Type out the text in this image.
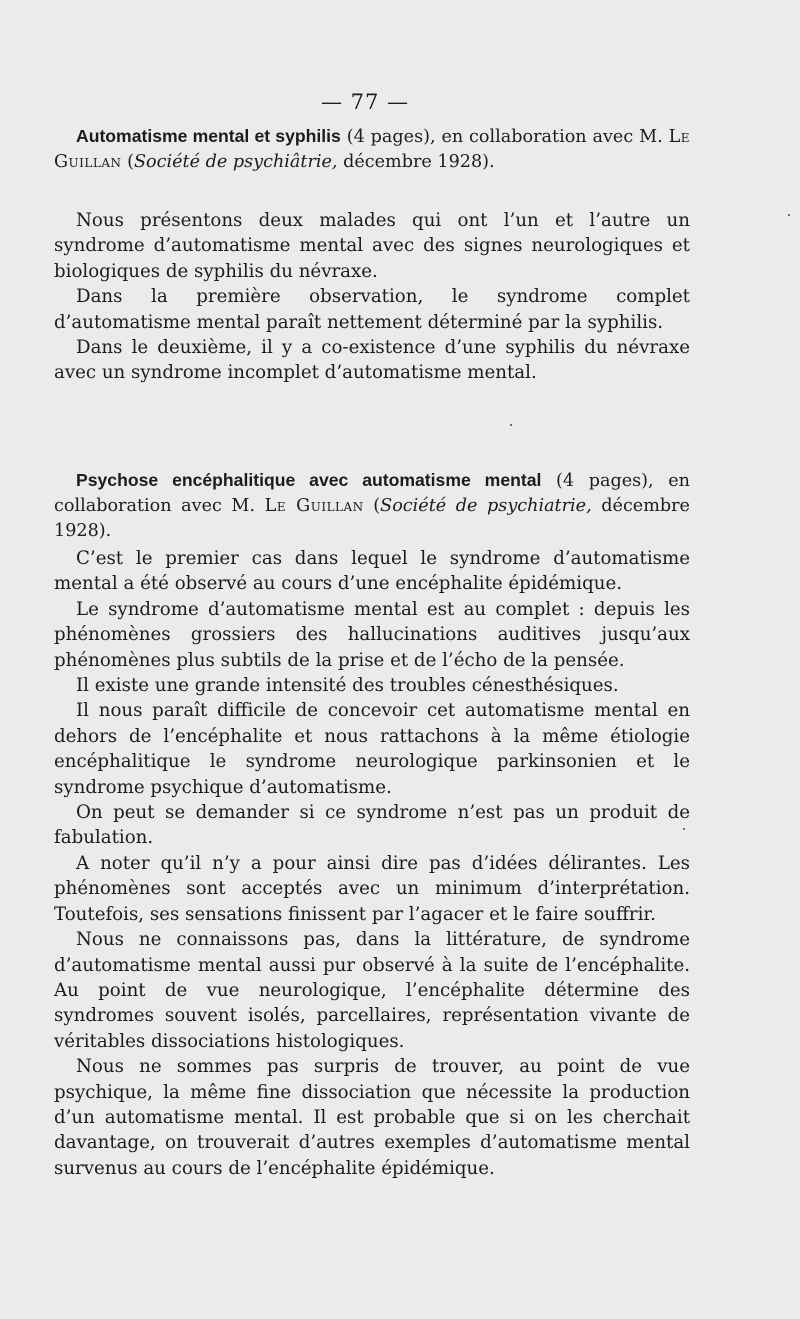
— 77 —

Automatisme mental et syphilis (4 pages), en collaboration avec M. Le Guillan (Société de psychiâtrie, décembre 1928).

Nous présentons deux malades qui ont l’un et l’autre un syndrome d’automatisme mental avec des signes neurologiques et biologiques de syphilis du névraxe.

Dans la première observation, le syndrome complet d’automatisme mental paraît nettement déterminé par la syphilis.

Dans le deuxième, il y a co-existence d’une syphilis du névraxe avec un syndrome incomplet d’automatisme mental.

Psychose encéphalitique avec automatisme mental (4 pages), en collaboration avec M. Le Guillan (Société de psychiatrie, décembre 1928).

C’est le premier cas dans lequel le syndrome d’automatisme mental a été observé au cours d’une encéphalite épidémique.

Le syndrome d’automatisme mental est au complet : depuis les phénomènes grossiers des hallucinations auditives jusqu’aux phénomènes plus subtils de la prise et de l’écho de la pensée.

Il existe une grande intensité des troubles cénesthésiques.

Il nous paraît difficile de concevoir cet automatisme mental en dehors de l’encéphalite et nous rattachons à la même étiologie encéphalitique le syndrome neurologique parkinsonien et le syndrome psychique d’automatisme.

On peut se demander si ce syndrome n’est pas un produit de fabulation.

A noter qu’il n’y a pour ainsi dire pas d’idées délirantes. Les phénomènes sont acceptés avec un minimum d’interprétation. Toutefois, ses sensations finissent par l’agacer et le faire souffrir.

Nous ne connaissons pas, dans la littérature, de syndrome d’automatisme mental aussi pur observé à la suite de l’encéphalite. Au point de vue neurologique, l’encéphalite détermine des syndromes souvent isolés, parcellaires, représentation vivante de véritables dissociations histologiques.

Nous ne sommes pas surpris de trouver, au point de vue psychique, la même fine dissociation que nécessite la production d’un automatisme mental. Il est probable que si on les cherchait davantage, on trouverait d’autres exemples d’automatisme mental survenus au cours de l’encéphalite épidémique.
